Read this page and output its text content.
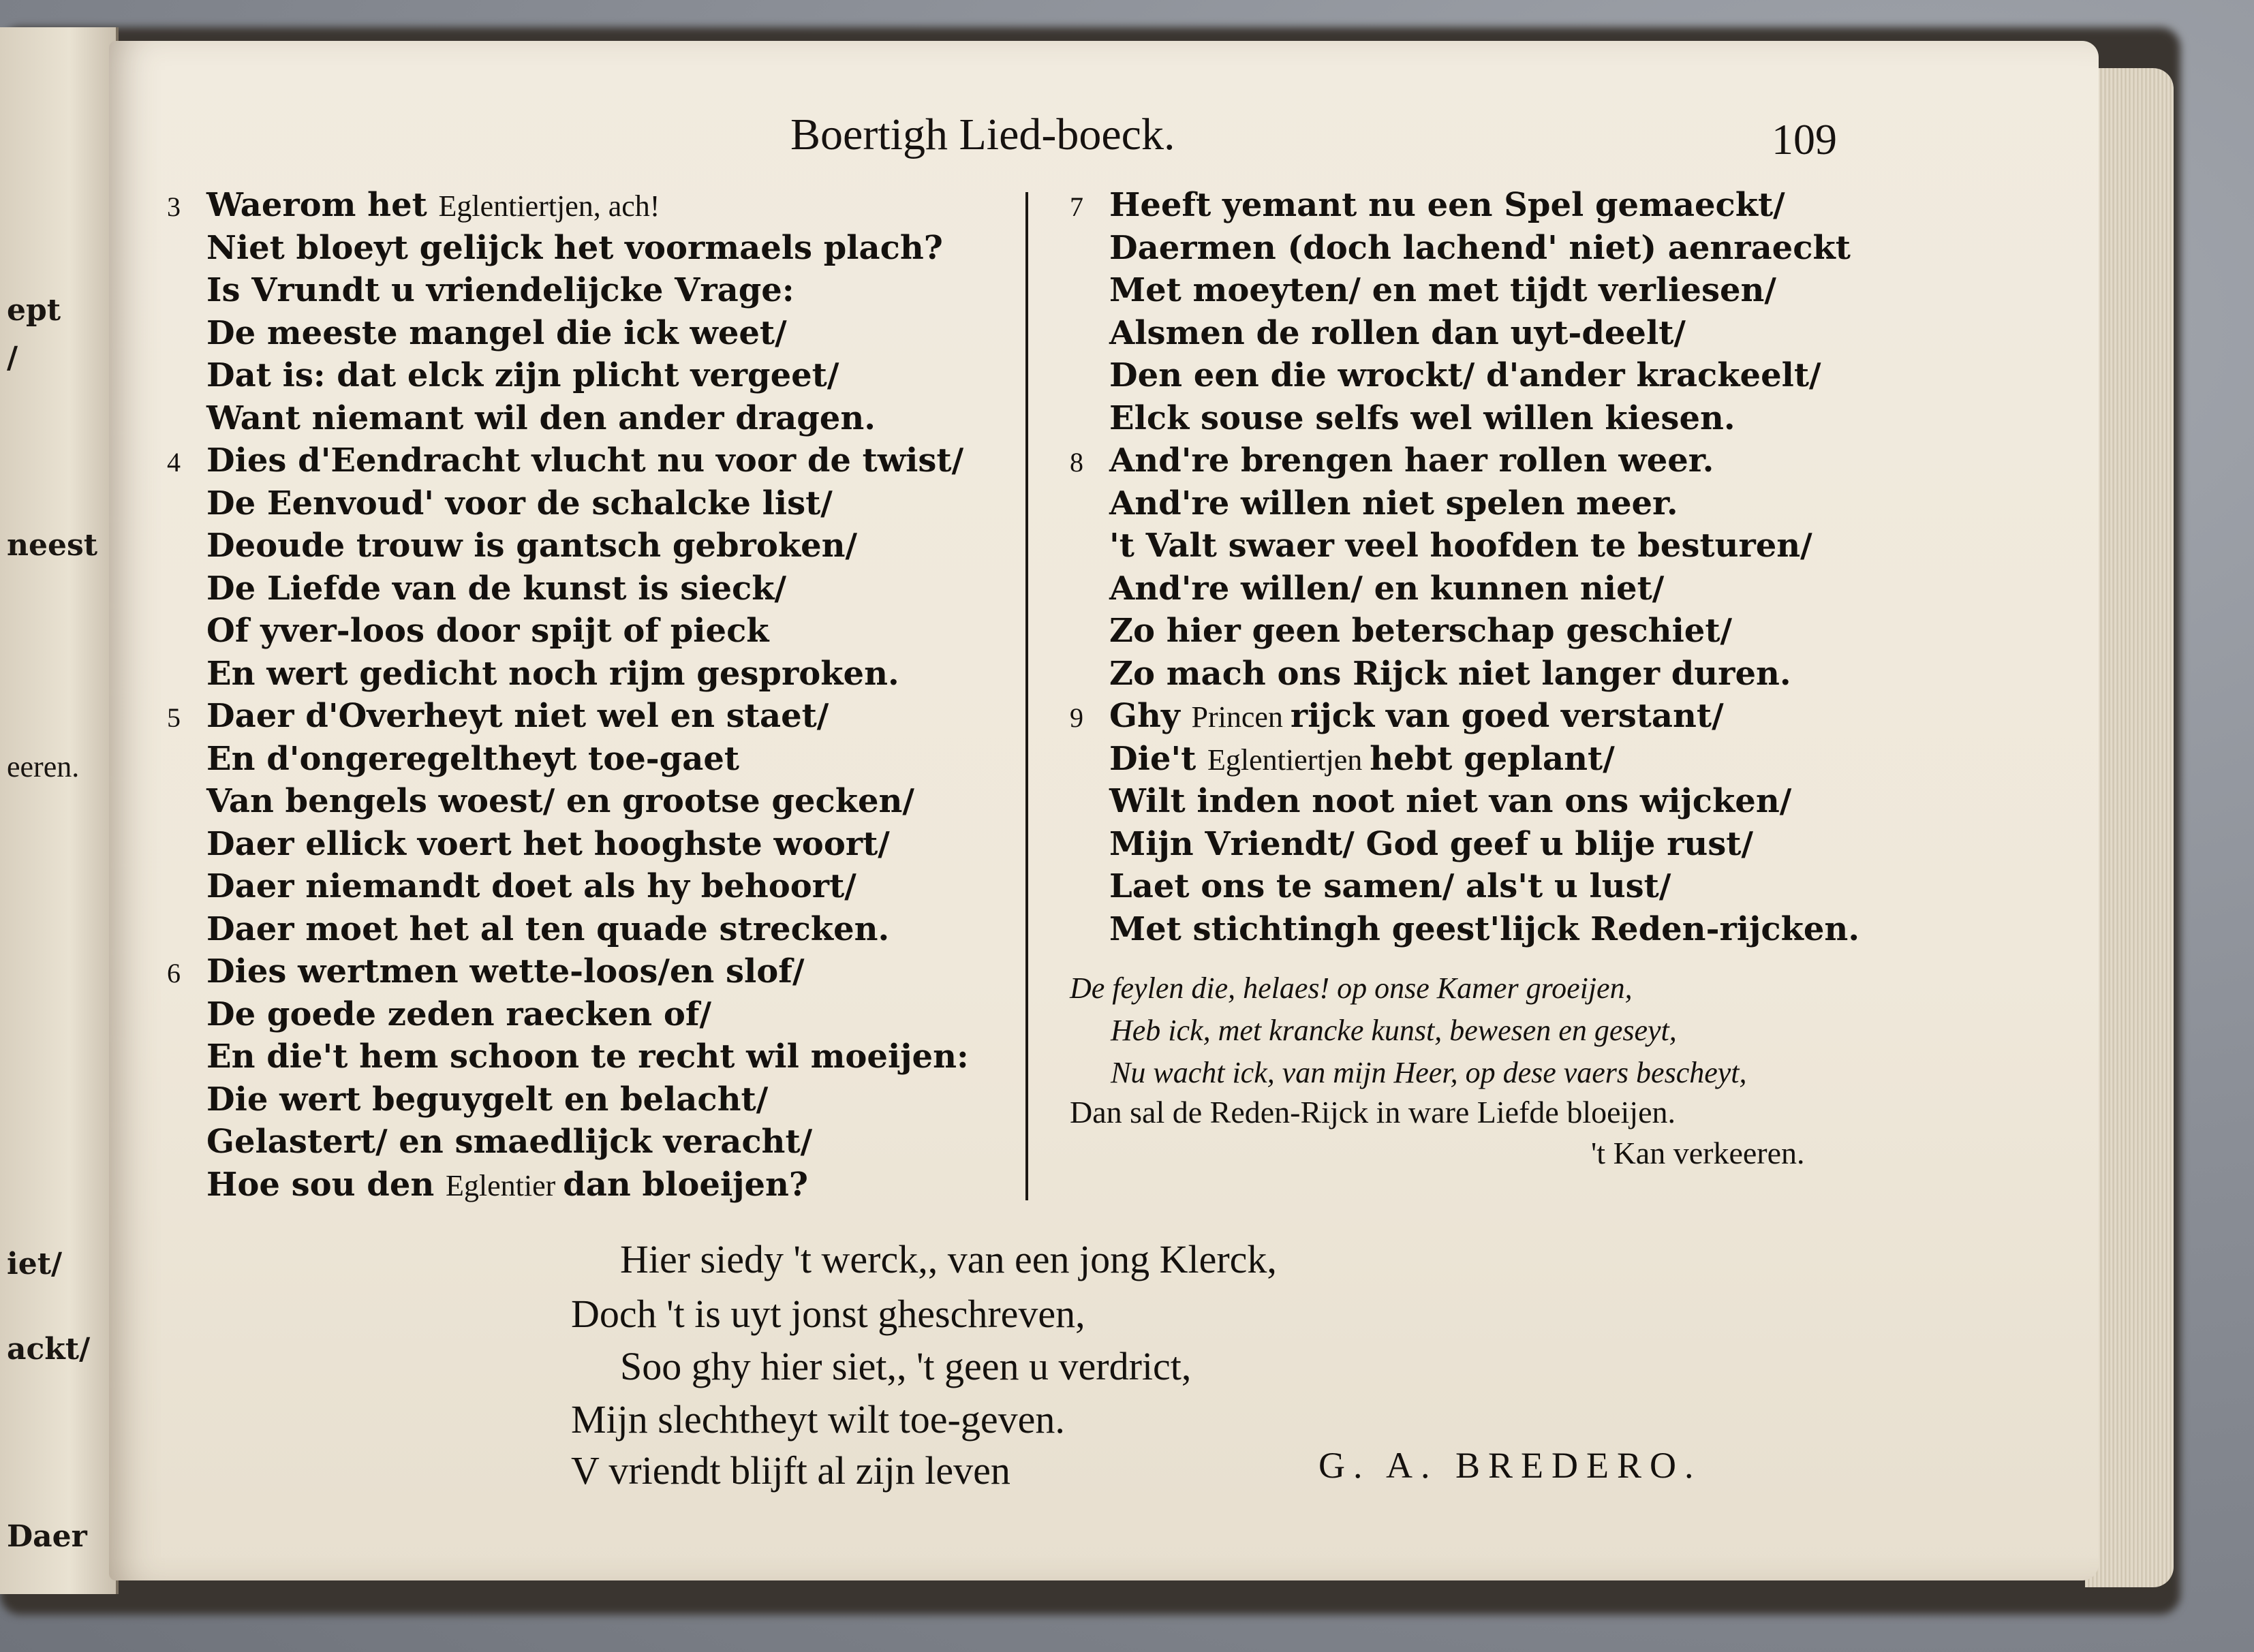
ept
/
neest
eeren.
iet/
ackt/
Daer
Boertigh Lied-boeck.	109
3 Waerom het Eglentiertjen, ach!
Niet bloeyt gelijck het voormaels plach?
Is Vrundt u vriendelijcke Vrage:
De meeste mangel die ick weet/
Dat is: dat elck zijn plicht vergeet/
Want niemant wil den ander dragen.
4 Dies d'Eendracht vlucht nu voor de twist/
De Eenvoud' voor de schalcke list/
Deoude trouw is gantsch gebroken/
De Liefde van de kunst is sieck/
Of yver-loos door spijt of pieck
En wert gedicht noch rijm gesproken.
5 Daer d'Overheyt niet wel en staet/
En d'ongeregeltheyt toe-gaet
Van bengels woest/ en grootse gecken/
Daer ellick voert het hooghste woort/
Daer niemandt doet als hy behoort/
Daer moet het al ten quade strecken.
6 Dies wertmen wette-loos/en slof/
De goede zeden raecken of/
En die't hem schoon te recht wil moeijen:
Die wert beguygelt en belacht/
Gelastert/ en smaedlijck veracht/
Hoe sou den Eglentier dan bloeijen?
7 Heeft yemant nu een Spel gemaeckt/
Daermen (doch lachend' niet) aenraeckt
Met moeyten/ en met tijdt verliesen/
Alsmen de rollen dan uyt-deelt/
Den een die wrockt/ d'ander krackeelt/
Elck souse selfs wel willen kiesen.
8 And're brengen haer rollen weer.
And're willen niet spelen meer.
't Valt swaer veel hoofden te besturen/
And're willen/ en kunnen niet/
Zo hier geen beterschap geschiet/
Zo mach ons Rijck niet langer duren.
9 Ghy Princen rijck van goed verstant/
Die't Eglentiertjen hebt geplant/
Wilt inden noot niet van ons wijcken/
Mijn Vriendt/ God geef u blije rust/
Laet ons te samen/ als't u lust/
Met stichtingh geest'lijck Reden-rijcken.
De feylen die, helaes! op onse Kamer groeijen,
Heb ick, met krancke kunst, bewesen en geseyt,
Nu wacht ick, van mijn Heer, op dese vaers bescheyt,
Dan sal de Reden-Rijck in ware Liefde bloeijen.
't Kan verkeeren.
Hier siedy 't werck,, van een jong Klerck,
Doch 't is uyt jonst gheschreven,
Soo ghy hier siet,, 't geen u verdrict,
Mijn slechtheyt wilt toe-geven.
V vriendt blijft al zijn leven	G. A. BREDERO.
